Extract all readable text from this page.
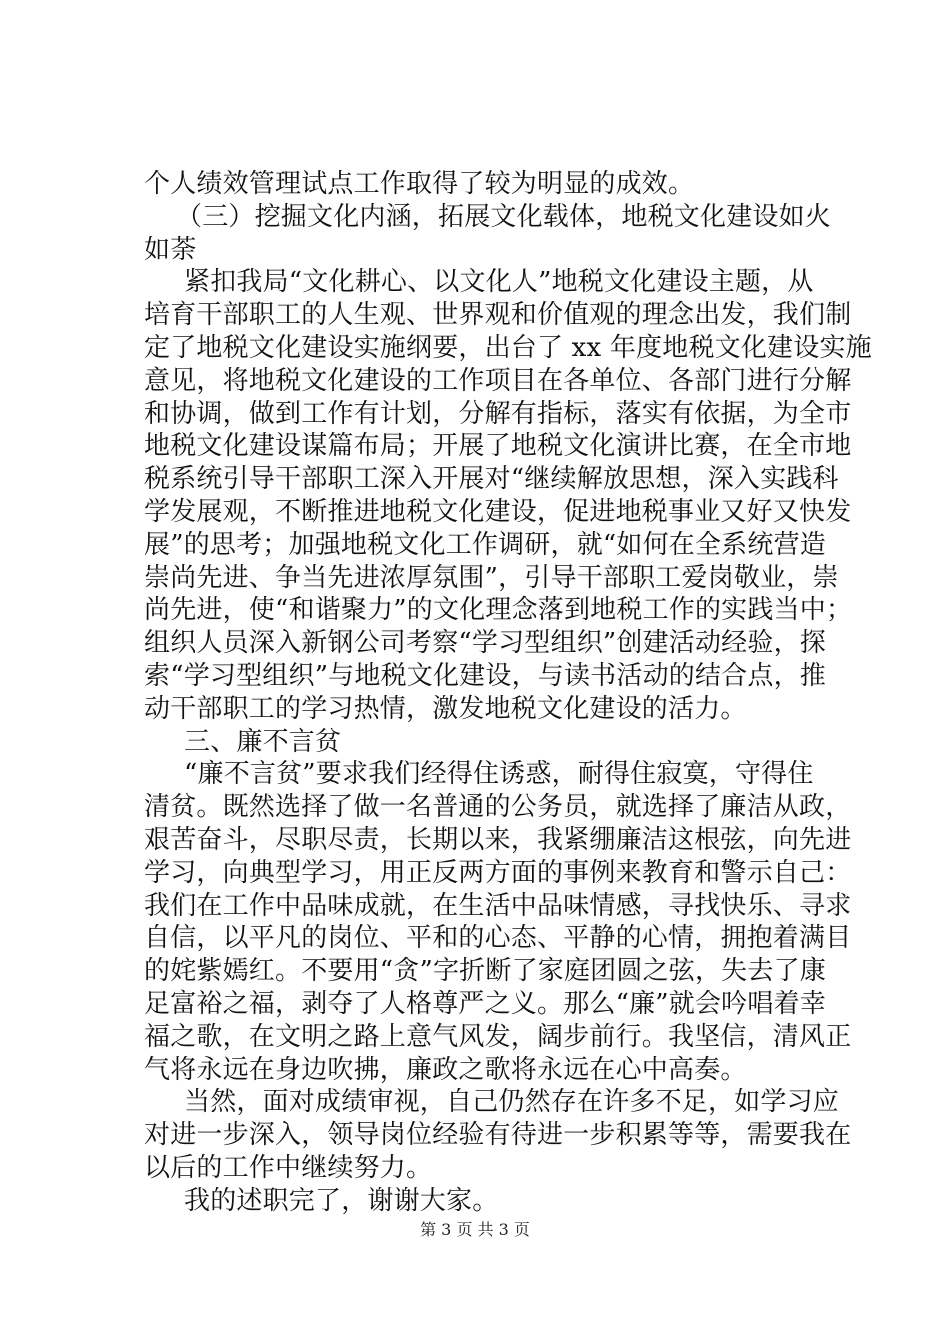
个人绩效管理试点工作取得了较为明显的成效。
（三）挖掘文化内涵，拓展文化载体，地税文化建设如火
如荼
紧扣我局“文化耕心、以文化人”地税文化建设主题，从
培育干部职工的人生观、世界观和价值观的理念出发，我们制
定了地税文化建设实施纲要，出台了 xx 年度地税文化建设实施
意见，将地税文化建设的工作项目在各单位、各部门进行分解
和协调，做到工作有计划，分解有指标，落实有依据，为全市
地税文化建设谋篇布局；开展了地税文化演讲比赛，在全市地
税系统引导干部职工深入开展对“继续解放思想，深入实践科
学发展观，不断推进地税文化建设，促进地税事业又好又快发
展”的思考；加强地税文化工作调研，就“如何在全系统营造
崇尚先进、争当先进浓厚氛围”，引导干部职工爱岗敬业，崇
尚先进，使“和谐聚力”的文化理念落到地税工作的实践当中；
组织人员深入新钢公司考察“学习型组织”创建活动经验，探
索“学习型组织”与地税文化建设，与读书活动的结合点，推
动干部职工的学习热情，激发地税文化建设的活力。
三、廉不言贫
“廉不言贫”要求我们经得住诱惑，耐得住寂寞，守得住
清贫。既然选择了做一名普通的公务员，就选择了廉洁从政，
艰苦奋斗，尽职尽责，长期以来，我紧绷廉洁这根弦，向先进
学习，向典型学习，用正反两方面的事例来教育和警示自己：
我们在工作中品味成就，在生活中品味情感，寻找快乐、寻求
自信，以平凡的岗位、平和的心态、平静的心情，拥抱着满目
的姹紫嫣红。不要用“贪”字折断了家庭团圆之弦，失去了康
足富裕之福，剥夺了人格尊严之义。那么“廉”就会吟唱着幸
福之歌，在文明之路上意气风发，阔步前行。我坚信，清风正
气将永远在身边吹拂，廉政之歌将永远在心中高奏。
当然，面对成绩审视，自己仍然存在许多不足，如学习应
对进一步深入，领导岗位经验有待进一步积累等等，需要我在
以后的工作中继续努力。
我的述职完了，谢谢大家。
第 3 页 共 3 页
